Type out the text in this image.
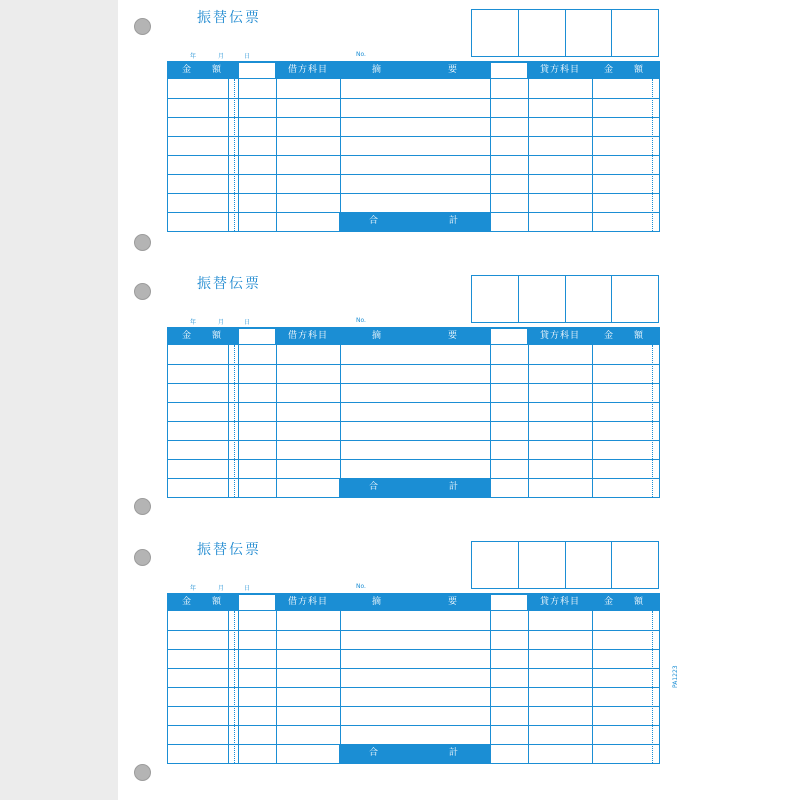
振替伝票
年	月	日	No.
金　　額	借方科目	摘	要	貸方科目	金　　額
合	計
振替伝票
年	月	日	No.
金　　額	借方科目	摘	要	貸方科目	金　　額
合	計
振替伝票
年	月	日	No.
金　　額	借方科目	摘	要	貸方科目	金　　額
合	計
PA1223
